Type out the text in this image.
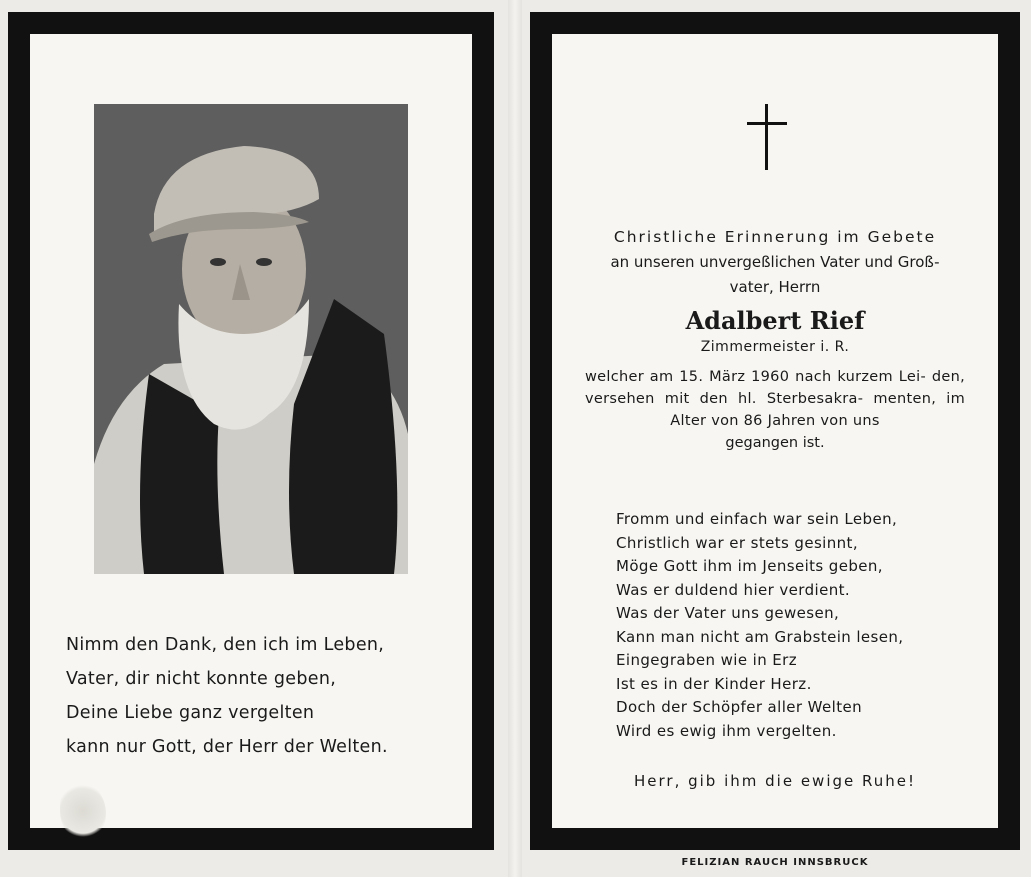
Nimm den Dank, den ich im Leben,
Vater, dir nicht konnte geben,
Deine Liebe ganz vergelten
kann nur Gott, der Herr der Welten.
Christliche Erinnerung im Gebete
an unseren unvergeßlichen Vater und Groß-
vater, Herrn
Adalbert Rief
Zimmermeister i. R.
welcher am 15. März 1960 nach kurzem Lei- den, versehen mit den hl. Sterbesakra- menten, im Alter von 86 Jahren von uns
gegangen ist.
Fromm und einfach war sein Leben,
Christlich war er stets gesinnt,
Möge Gott ihm im Jenseits geben,
Was er duldend hier verdient.
Was der Vater uns gewesen,
Kann man nicht am Grabstein lesen,
Eingegraben wie in Erz
Ist es in der Kinder Herz.
Doch der Schöpfer aller Welten
Wird es ewig ihm vergelten.
Herr, gib ihm die ewige Ruhe!
FELIZIAN RAUCH INNSBRUCK
